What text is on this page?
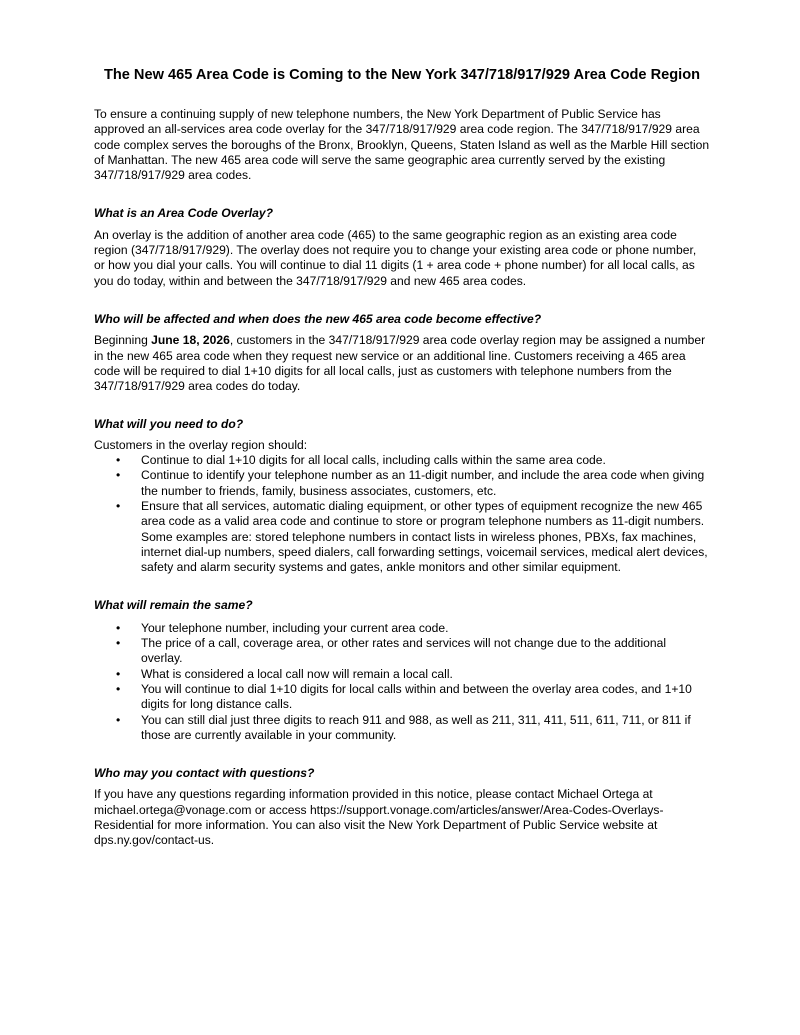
The New 465 Area Code is Coming to the New York 347/718/917/929 Area Code Region

To ensure a continuing supply of new telephone numbers, the New York Department of Public Service has approved an all-services area code overlay for the 347/718/917/929 area code region. The 347/718/917/929 area code complex serves the boroughs of the Bronx, Brooklyn, Queens, Staten Island as well as the Marble Hill section of Manhattan. The new 465 area code will serve the same geographic area currently served by the existing 347/718/917/929 area codes.

What is an Area Code Overlay?

An overlay is the addition of another area code (465) to the same geographic region as an existing area code region (347/718/917/929). The overlay does not require you to change your existing area code or phone number, or how you dial your calls. You will continue to dial 11 digits (1 + area code + phone number) for all local calls, as you do today, within and between the 347/718/917/929 and new 465 area codes.

Who will be affected and when does the new 465 area code become effective?

Beginning June 18, 2026, customers in the 347/718/917/929 area code overlay region may be assigned a number in the new 465 area code when they request new service or an additional line. Customers receiving a 465 area code will be required to dial 1+10 digits for all local calls, just as customers with telephone numbers from the 347/718/917/929 area codes do today.

What will you need to do?

Customers in the overlay region should:

• Continue to dial 1+10 digits for all local calls, including calls within the same area code.
• Continue to identify your telephone number as an 11-digit number, and include the area code when giving the number to friends, family, business associates, customers, etc.
• Ensure that all services, automatic dialing equipment, or other types of equipment recognize the new 465 area code as a valid area code and continue to store or program telephone numbers as 11-digit numbers. Some examples are: stored telephone numbers in contact lists in wireless phones, PBXs, fax machines, internet dial-up numbers, speed dialers, call forwarding settings, voicemail services, medical alert devices, safety and alarm security systems and gates, ankle monitors and other similar equipment.

What will remain the same?

• Your telephone number, including your current area code.
• The price of a call, coverage area, or other rates and services will not change due to the additional overlay.
• What is considered a local call now will remain a local call.
• You will continue to dial 1+10 digits for local calls within and between the overlay area codes, and 1+10 digits for long distance calls.
• You can still dial just three digits to reach 911 and 988, as well as 211, 311, 411, 511, 611, 711, or 811 if those are currently available in your community.

Who may you contact with questions?

If you have any questions regarding information provided in this notice, please contact Michael Ortega at michael.ortega@vonage.com or access https://support.vonage.com/articles/answer/Area-Codes-Overlays-Residential for more information. You can also visit the New York Department of Public Service website at dps.ny.gov/contact-us.
